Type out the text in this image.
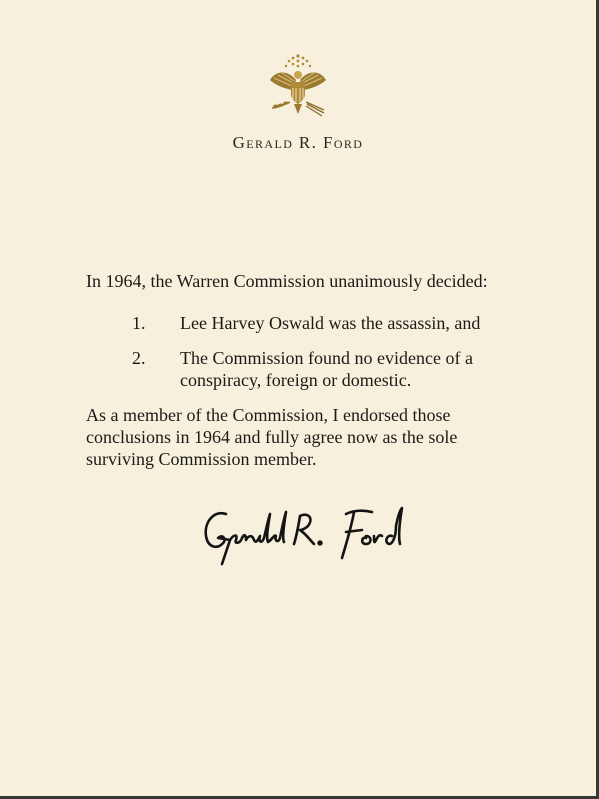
Gerald R. Ford
In 1964, the Warren Commission unanimously decided:
1. Lee Harvey Oswald was the assassin, and
2. The Commission found no evidence of a conspiracy, foreign or domestic.
As a member of the Commission, I endorsed those conclusions in 1964 and fully agree now as the sole surviving Commission member.
